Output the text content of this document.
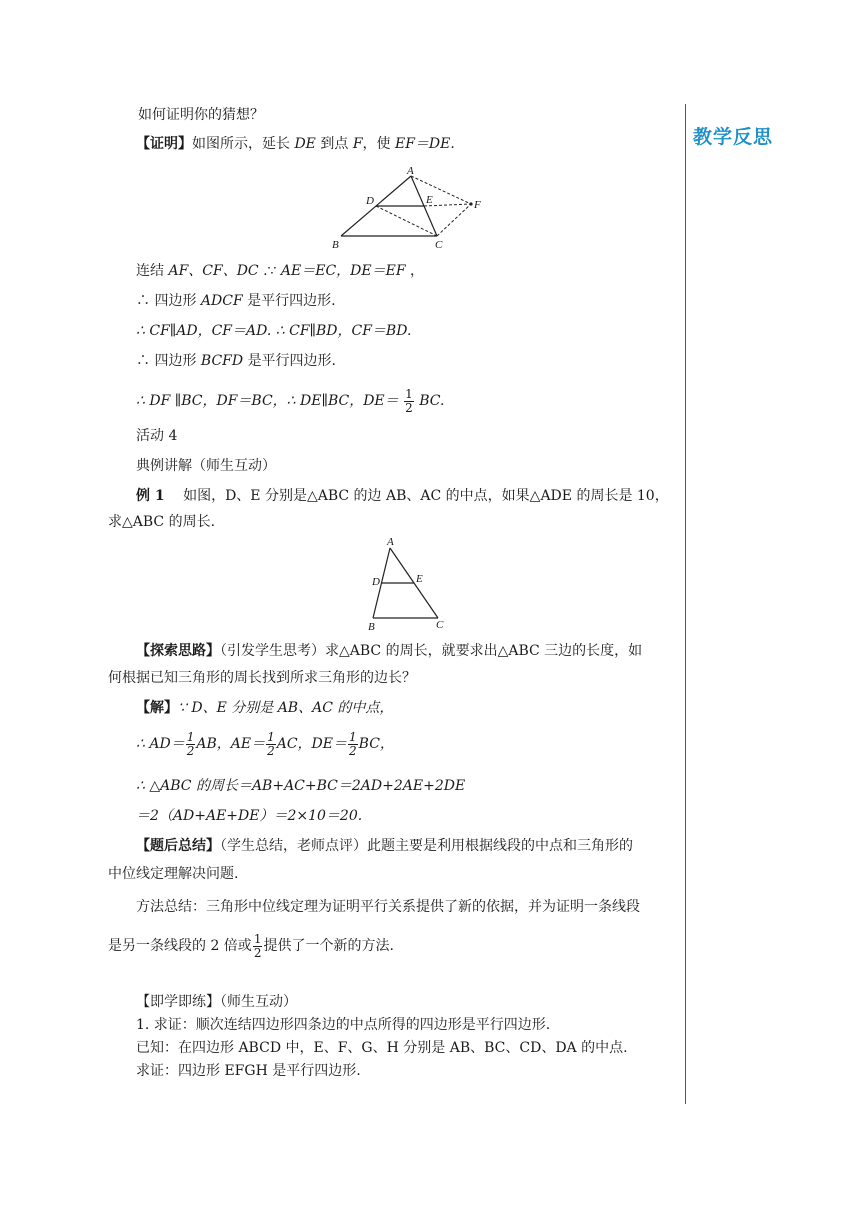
教学反思
如何证明你的猜想？
【证明】如图所示，延长 DE 到点 F，使 EF＝DE.
A
D	E	F
B	C
连结 AF、CF、DC .∵ AE＝EC，DE＝EF ，
∴ 四边形 ADCF 是平行四边形.
∴ CF∥AD，CF＝AD. ∴ CF∥BD，CF＝BD.
∴ 四边形 BCFD 是平行四边形.
∴ DF ∥BC，DF＝BC，∴ DE∥BC，$DE= \frac{1}{2}$ BC.
活动 4
典例讲解（师生互动）
例 1 如图，D、E 分别是△ABC 的边 AB、AC 的中点，如果△ADE 的周长是 10，
求△ABC 的周长.
A
D	E
B	C
【探索思路】（引发学生思考）求△ABC 的周长，就要求出△ABC 三边的长度，如
何根据已知三角形的周长找到所求三角形的边长？
【解】∵ D、E 分别是 AB、AC 的中点，
∴ $AD= \frac{1}{2}$ AB，$AE= \frac{1}{2}$ AC，$DE= \frac{1}{2}$ BC，
∴ △ABC 的周长＝AB+AC+BC＝2AD+2AE+2DE
＝2（AD+AE+DE）＝2×10＝20.
【题后总结】（学生总结，老师点评）此题主要是利用根据线段的中点和三角形的
中位线定理解决问题.
方法总结：三角形中位线定理为证明平行关系提供了新的依据，并为证明一条线段
是另一条线段的 2 倍或 $\frac{1}{2}$ 提供了一个新的方法.
【即学即练】（师生互动）
1. 求证：顺次连结四边形四条边的中点所得的四边形是平行四边形.
已知：在四边形 ABCD 中，E、F、G、H 分别是 AB、BC、CD、DA 的中点.
求证：四边形 EFGH 是平行四边形.
